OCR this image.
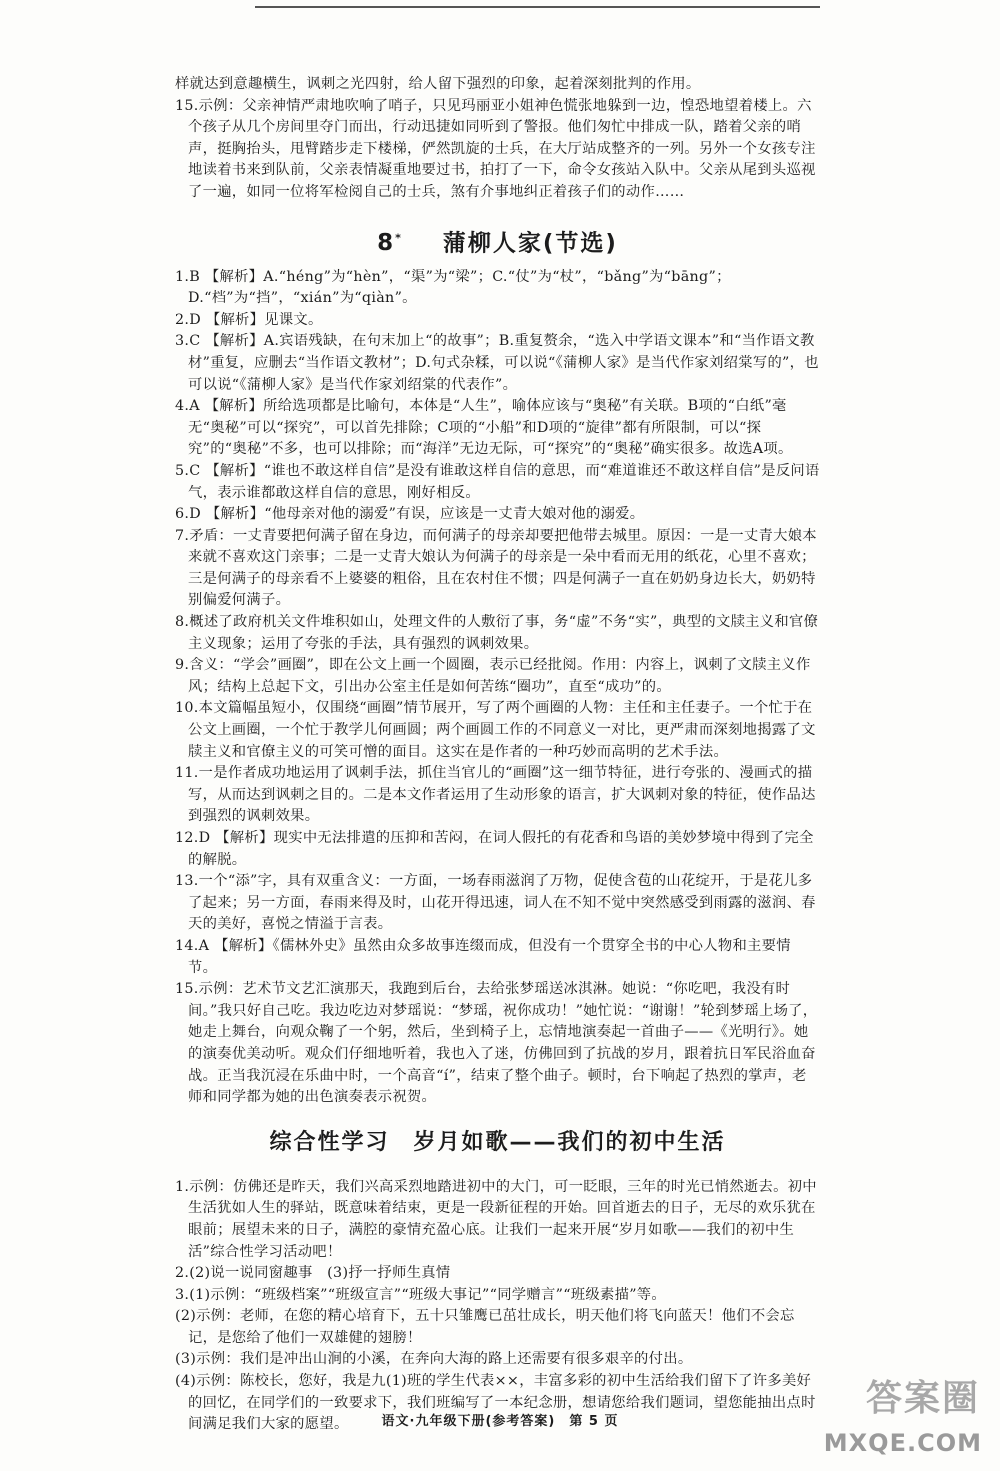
样就达到意趣横生，讽刺之光四射，给人留下强烈的印象，起着深刻批判的作用。

15.示例：父亲神情严肃地吹响了哨子，只见玛丽亚小姐神色慌张地躲到一边，惶恐地望着楼上。六个孩子从几个房间里夺门而出，行动迅捷如同听到了警报。他们匆忙中排成一队，踏着父亲的哨声，挺胸抬头，甩臂踏步走下楼梯，俨然凯旋的士兵，在大厅站成整齐的一列。另外一个女孩专注地读着书来到队前，父亲表情凝重地要过书，拍打了一下，命令女孩站入队中。父亲从尾到头巡视了一遍，如同一位将军检阅自己的士兵，煞有介事地纠正着孩子们的动作……

8* 蒲柳人家(节选)

1.B 【解析】A.“héng”为“hèn”，“渠”为“梁”；C.“仗”为“杖”，“bǎng”为“bāng”；D.“档”为“挡”，“xián”为“qiàn”。

2.D 【解析】见课文。

3.C 【解析】A.宾语残缺，在句末加上“的故事”；B.重复赘余，“选入中学语文课本”和“当作语文教材”重复，应删去“当作语文教材”；D.句式杂糅，可以说“《蒲柳人家》是当代作家刘绍棠写的”，也可以说“《蒲柳人家》是当代作家刘绍棠的代表作”。

4.A 【解析】所给选项都是比喻句，本体是“人生”，喻体应该与“奥秘”有关联。B项的“白纸”毫无“奥秘”可以“探究”，可以首先排除；C项的“小船”和D项的“旋律”都有所限制，可以“探究”的“奥秘”不多，也可以排除；而“海洋”无边无际，可“探究”的“奥秘”确实很多。故选A项。

5.C 【解析】“谁也不敢这样自信”是没有谁敢这样自信的意思，而“难道谁还不敢这样自信”是反问语气，表示谁都敢这样自信的意思，刚好相反。

6.D 【解析】“他母亲对他的溺爱”有误，应该是一丈青大娘对他的溺爱。

7.矛盾：一丈青要把何满子留在身边，而何满子的母亲却要把他带去城里。原因：一是一丈青大娘本来就不喜欢这门亲事；二是一丈青大娘认为何满子的母亲是一朵中看而无用的纸花，心里不喜欢；三是何满子的母亲看不上婆婆的粗俗，且在农村住不惯；四是何满子一直在奶奶身边长大，奶奶特别偏爱何满子。

8.概述了政府机关文件堆积如山，处理文件的人敷衍了事，务“虚”不务“实”，典型的文牍主义和官僚主义现象；运用了夸张的手法，具有强烈的讽刺效果。

9.含义：“学会”画圈”，即在公文上画一个圆圈，表示已经批阅。作用：内容上，讽刺了文牍主义作风；结构上总起下文，引出办公室主任是如何苦练“圈功”，直至“成功”的。

10.本文篇幅虽短小，仅围绕“画圈”情节展开，写了两个画圈的人物：主任和主任妻子。一个忙于在公文上画圈，一个忙于教学儿何画圆；两个画圆工作的不同意义一对比，更严肃而深刻地揭露了文牍主义和官僚主义的可笑可憎的面目。这实在是作者的一种巧妙而高明的艺术手法。

11.一是作者成功地运用了讽刺手法，抓住当官儿的“画圈”这一细节特征，进行夸张的、漫画式的描写，从而达到讽刺之目的。二是本文作者运用了生动形象的语言，扩大讽刺对象的特征，使作品达到强烈的讽刺效果。

12.D 【解析】现实中无法排遣的压抑和苦闷，在词人假托的有花香和鸟语的美妙梦境中得到了完全的解脱。

13.一个“添”字，具有双重含义：一方面，一场春雨滋润了万物，促使含苞的山花绽开，于是花儿多了起来；另一方面，春雨来得及时，山花开得迅速，词人在不知不觉中突然感受到雨露的滋润、春天的美好，喜悦之情溢于言表。

14.A 【解析】《儒林外史》虽然由众多故事连缀而成，但没有一个贯穿全书的中心人物和主要情节。

15.示例：艺术节文艺汇演那天，我跑到后台，去给张梦瑶送冰淇淋。她说：“你吃吧，我没有时间。”我只好自己吃。我边吃边对梦瑶说：“梦瑶，祝你成功！”她忙说：“谢谢！”轮到梦瑶上场了，她走上舞台，向观众鞠了一个躬，然后，坐到椅子上，忘情地演奏起一首曲子——《光明行》。她的演奏优美动听。观众们仔细地听着，我也入了迷，仿佛回到了抗战的岁月，跟着抗日军民浴血奋战。正当我沉浸在乐曲中时，一个高音“í”，结束了整个曲子。顿时，台下响起了热烈的掌声，老师和同学都为她的出色演奏表示祝贺。

综合性学习　岁月如歌——我们的初中生活

1.示例：仿佛还是昨天，我们兴高采烈地踏进初中的大门，可一眨眼，三年的时光已悄然逝去。初中生活犹如人生的驿站，既意味着结束，更是一段新征程的开始。回首逝去的日子，无尽的欢乐犹在眼前；展望未来的日子，满腔的豪情充盈心底。让我们一起来开展“岁月如歌——我们的初中生活”综合性学习活动吧！

2.(2)说一说同窗趣事　(3)抒一抒师生真情

3.(1)示例：“班级档案”“班级宣言”“班级大事记”“同学赠言”“班级素描”等。

(2)示例：老师，在您的精心培育下，五十只雏鹰已茁壮成长，明天他们将飞向蓝天！他们不会忘记，是您给了他们一双雄健的翅膀！

(3)示例：我们是冲出山涧的小溪，在奔向大海的路上还需要有很多艰辛的付出。

(4)示例：陈校长，您好，我是九(1)班的学生代表××，丰富多彩的初中生活给我们留下了许多美好的回忆，在同学们的一致要求下，我们班编写了一本纪念册，想请您给我们题词，望您能抽出点时间满足我们大家的愿望。	语文·九年级下册(参考答案)　第 5 页
答案圈
MXQE.COM
